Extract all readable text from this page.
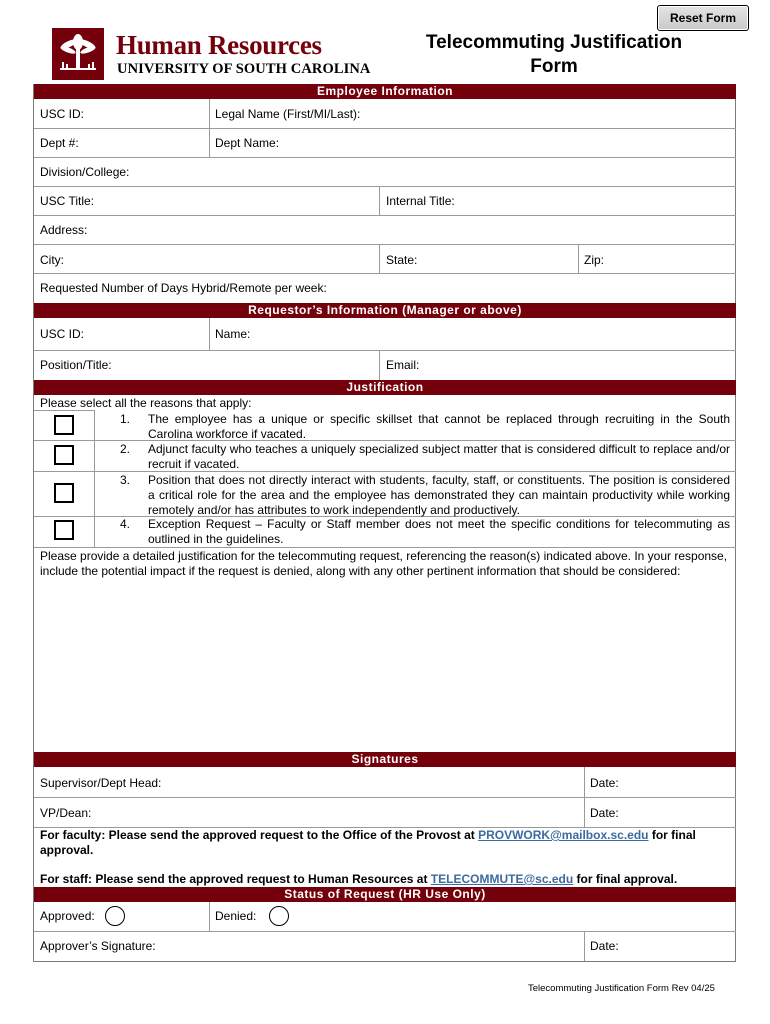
Reset Form
Human Resources
UNIVERSITY OF SOUTH CAROLINA
Telecommuting Justification
Form
Employee Information
USC ID:	Legal Name (First/MI/Last):
Dept #:	Dept Name:
Division/College:
USC Title:	Internal Title:
Address:
City:	State:	Zip:
Requested Number of Days Hybrid/Remote per week:
Requestor’s Information (Manager or above)
USC ID:	Name:
Position/Title:	Email:
Justification
Please select all the reasons that apply:
1. The employee has a unique or specific skillset that cannot be replaced through recruiting in the South Carolina workforce if vacated.
2. Adjunct faculty who teaches a uniquely specialized subject matter that is considered difficult to replace and/or recruit if vacated.
3. Position that does not directly interact with students, faculty, staff, or constituents. The position is considered a critical role for the area and the employee has demonstrated they can maintain productivity while working remotely and/or has attributes to work independently and productively.
4. Exception Request – Faculty or Staff member does not meet the specific conditions for telecommuting as outlined in the guidelines.
Please provide a detailed justification for the telecommuting request, referencing the reason(s) indicated above. In your response, include the potential impact if the request is denied, along with any other pertinent information that should be considered:
Signatures
Supervisor/Dept Head:	Date:
VP/Dean:	Date:
For faculty: Please send the approved request to the Office of the Provost at PROVWORK@mailbox.sc.edu for final approval.
For staff: Please send the approved request to Human Resources at TELECOMMUTE@sc.edu for final approval.
Status of Request (HR Use Only)
Approved:	Denied:
Approver’s Signature:	Date:
Telecommuting Justification Form Rev 04/25
